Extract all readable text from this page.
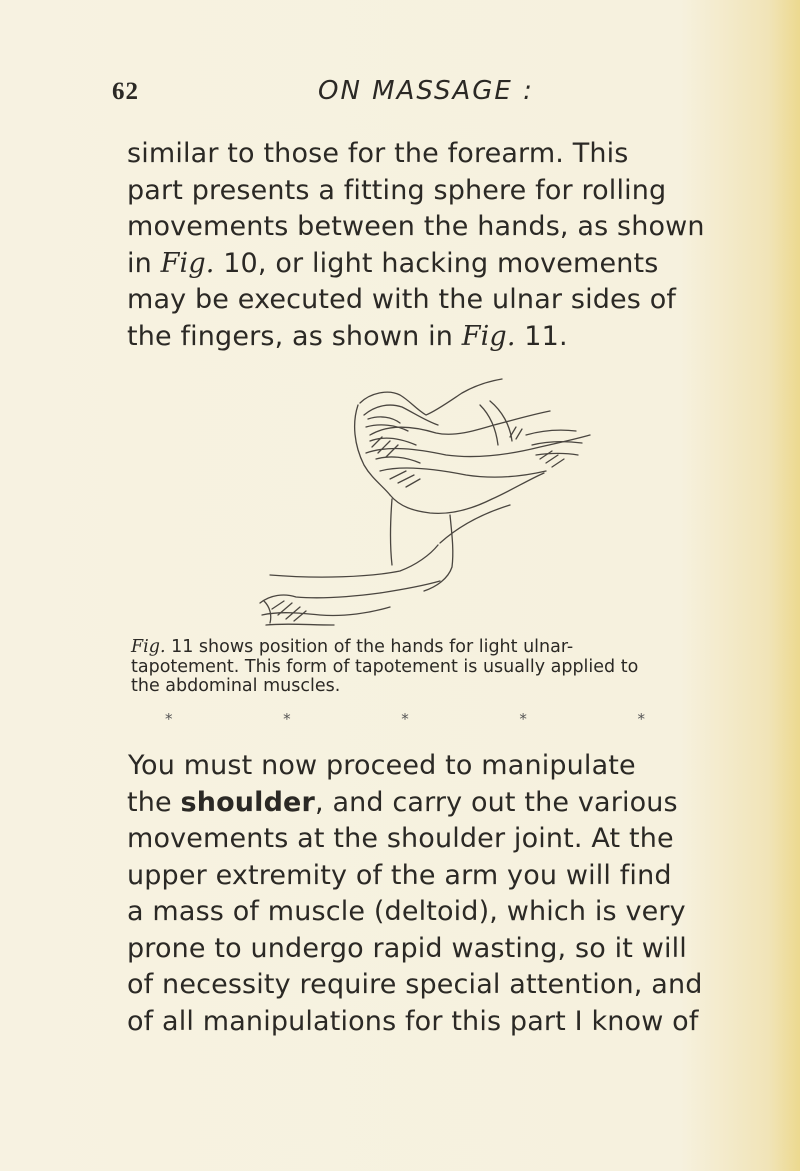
62	ON MASSAGE :

similar to those for the forearm. This
part presents a fitting sphere for rolling
movements between the hands, as shown
in Fig. 10, or light hacking movements
may be executed with the ulnar sides of
the fingers, as shown in Fig. 11.

Fig. 11 shows position of the hands for light ulnar-
tapotement. This form of tapotement is usually applied to
the abdominal muscles.

*	*	*	*	*

You must now proceed to manipulate
the shoulder, and carry out the various
movements at the shoulder joint. At the
upper extremity of the arm you will find
a mass of muscle (deltoid), which is very
prone to undergo rapid wasting, so it will
of necessity require special attention, and
of all manipulations for this part I know of
